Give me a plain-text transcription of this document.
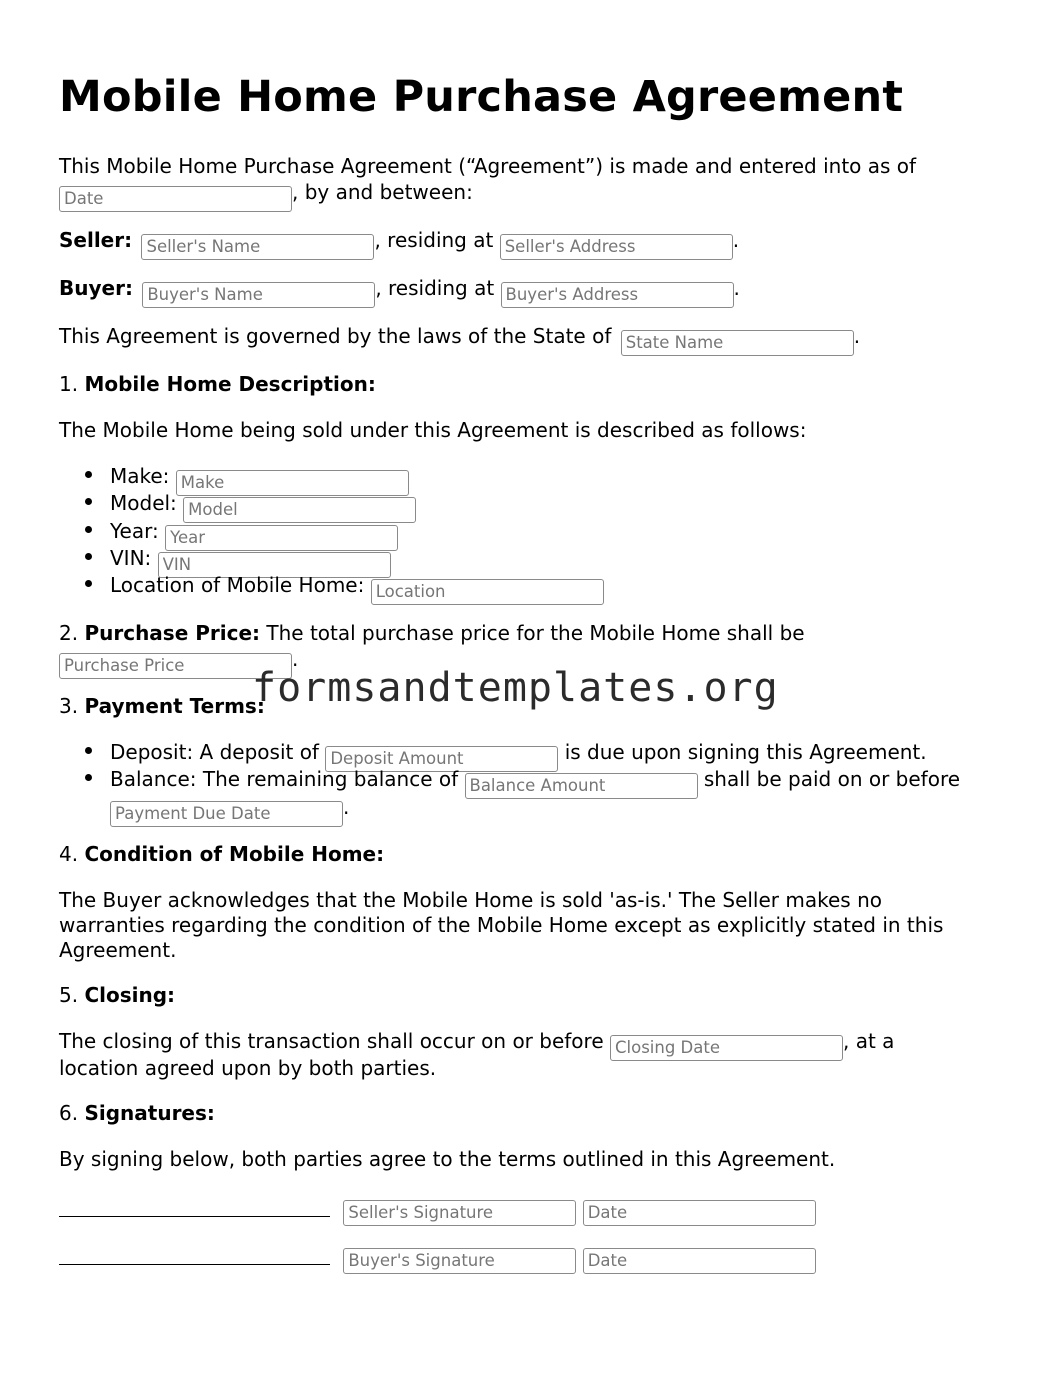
Mobile Home Purchase Agreement
This Mobile Home Purchase Agreement (“Agreement”) is made and entered into as of
Date, by and between:
Seller: Seller's Name	, residing at Seller's Address	.
Buyer: Buyer's Name	, residing at Buyer's Address	.
This Agreement is governed by the laws of the State of State Name	.
1. Mobile Home Description:
The Mobile Home being sold under this Agreement is described as follows:
Make: Make
Model: Model
Year: Year
VIN: VIN
Location of Mobile Home: Location
2. Purchase Price: The total purchase price for the Mobile Home shall be
Purchase Price.
3. Payment Terms:
Deposit: A deposit of Deposit Amount	is due upon signing this Agreement.
Balance: The remaining balance of Balance Amount	shall be paid on or before
Payment Due Date.
4. Condition of Mobile Home:
The Buyer acknowledges that the Mobile Home is sold 'as-is.' The Seller makes no
warranties regarding the condition of the Mobile Home except as explicitly stated in this
Agreement.
5. Closing:
The closing of this transaction shall occur on or before Closing Date	, at a
location agreed upon by both parties.
6. Signatures:
By signing below, both parties agree to the terms outlined in this Agreement.
Seller's Signature Date
Buyer's Signature Date
formsandtemplates.org
